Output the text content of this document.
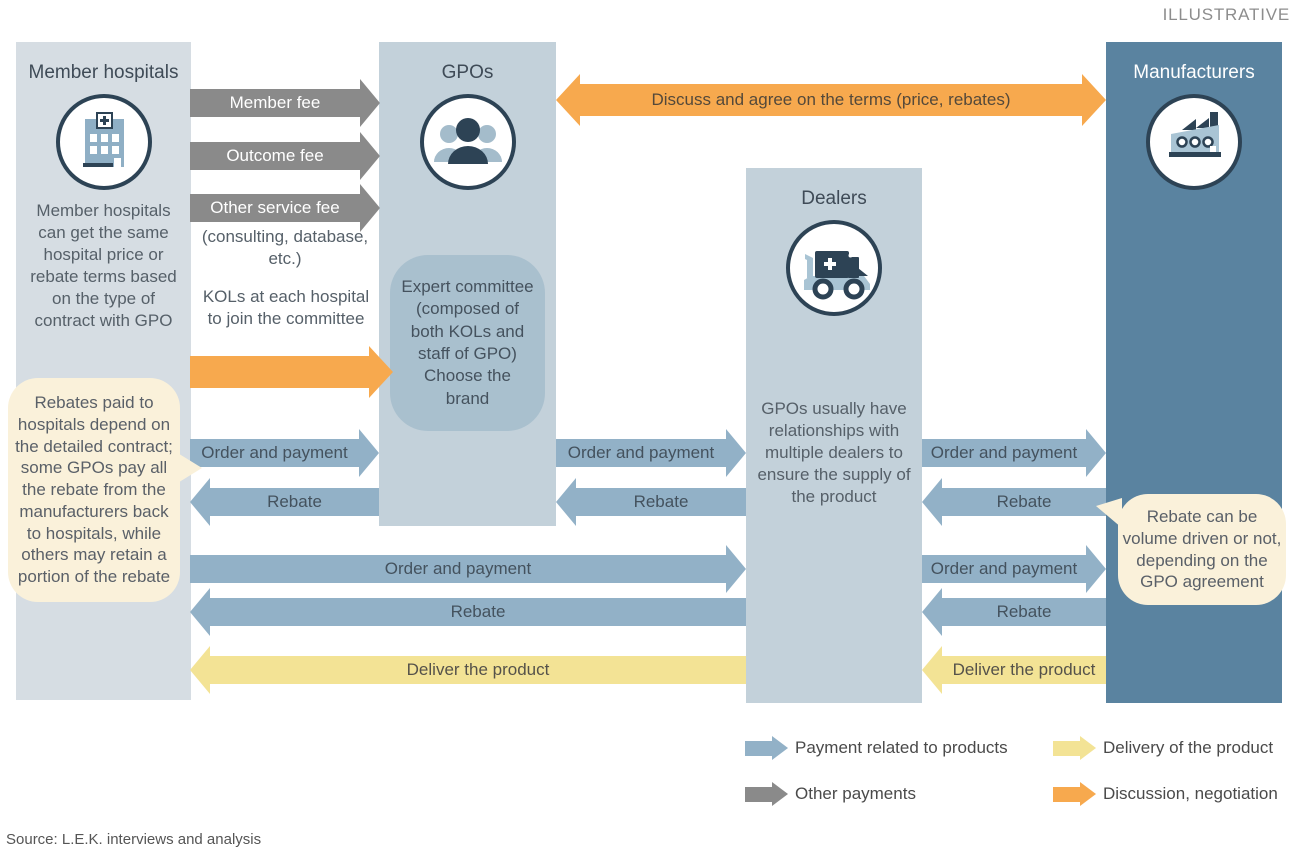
ILLUSTRATIVE
Member hospitals
Member hospitals can get the same hospital price or rebate terms based on the type of contract with GPO
GPOs
Expert committee (composed of both KOLs and staff of GPO) Choose the brand
Dealers
GPOs usually have relationships with multiple dealers to ensure the supply of the product
Manufacturers
Member fee
Outcome fee
Other service fee
(consulting, database, etc.)
KOLs at each hospital to join the committee
Discuss and agree on the terms (price, rebates)
Order and payment	Order and payment	Order and payment
Rebate	Rebate	Rebate
Order and payment	Order and payment
Rebate	Rebate
Deliver the product	Deliver the product
Rebates paid to hospitals depend on the detailed contract; some GPOs pay all the rebate from the manufacturers back to hospitals, while others may retain a portion of the rebate
Rebate can be volume driven or not, depending on the GPO agreement
Payment related to products
Other payments
Delivery of the product
Discussion, negotiation
Source: L.E.K. interviews and analysis
